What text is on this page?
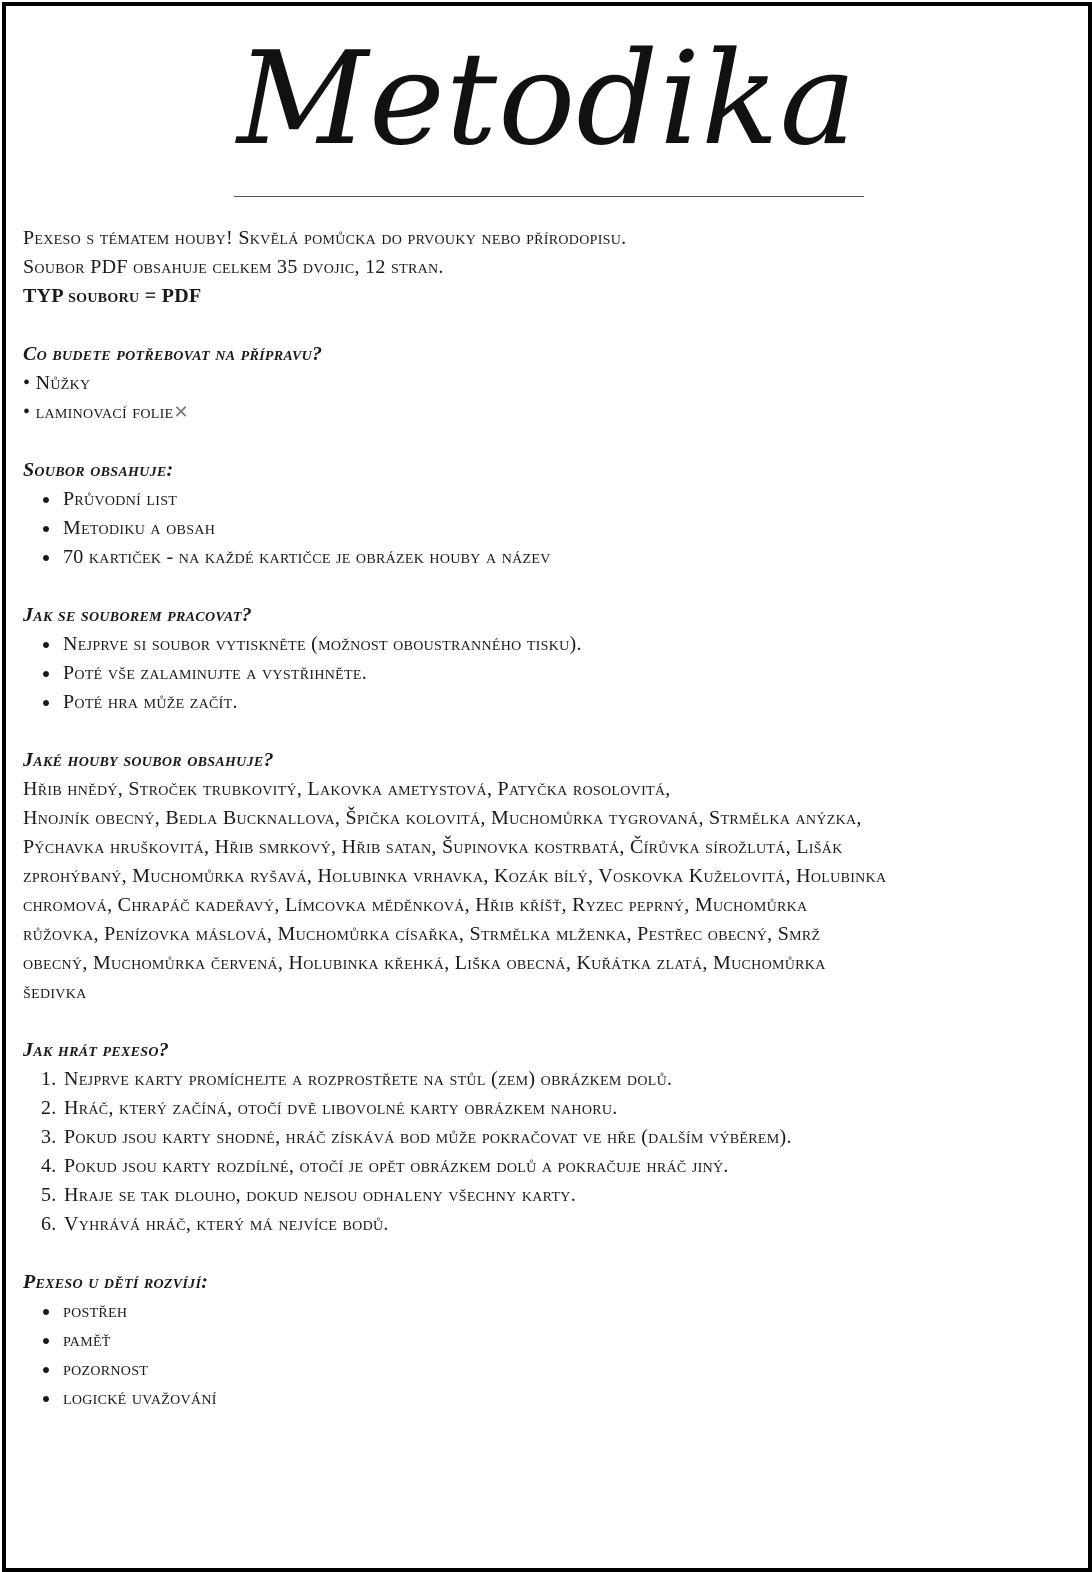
Metodika
Pexeso s tématem houby! Skvělá pomůcka do prvouky nebo přírodopisu.
Soubor PDF obsahuje celkem 35 dvojic, 12 stran.
TYP souboru = PDF
Co budete potřebovat na přípravu?
• Nůžky
• laminovací folie✕
Soubor obsahuje:
Průvodní list
Metodiku a obsah
70 kartiček - na každé kartičce je obrázek houby a název
Jak se souborem pracovat?
Nejprve si soubor vytiskněte (možnost oboustranného tisku).
Poté vše zalaminujte a vystřihněte.
Poté hra může začít.
Jaké houby soubor obsahuje?
Hřib hnědý, Stroček trubkovitý, Lakovka ametystová, Patyčka rosolovitá,
Hnojník obecný, Bedla Bucknallova, Špička kolovitá, Muchomůrka tygrovaná, Strmělka anýzka,
Pýchavka hruškovitá, Hřib smrkový, Hřib satan, Šupinovka kostrbatá, Čírůvka sírožlutá, Lišák
zprohýbaný, Muchomůrka ryšavá, Holubinka vrhavka, Kozák bílý, Voskovka Kuželovitá, Holubinka
chromová, Chrapáč kadeřavý, Límcovka měděnková, Hřib kříšť, Ryzec peprný, Muchomůrka
růžovka, Penízovka máslová, Muchomůrka císařka, Strmělka mlženka, Pestřec obecný, Smrž
obecný, Muchomůrka červená, Holubinka křehká, Liška obecná, Kuřátka zlatá, Muchomůrka
šedivka
Jak hrát pexeso?
1. Nejprve karty promíchejte a rozprostřete na stůl (zem) obrázkem dolů.
2. Hráč, který začíná, otočí dvě libovolné karty obrázkem nahoru.
3. Pokud jsou karty shodné, hráč získává bod může pokračovat ve hře (dalším výběrem).
4. Pokud jsou karty rozdílné, otočí je opět obrázkem dolů a pokračuje hráč jiný.
5. Hraje se tak dlouho, dokud nejsou odhaleny všechny karty.
6. Vyhrává hráč, který má nejvíce bodů.
Pexeso u dětí rozvíjí:
postřeh
paměť
pozornost
logické uvažování
